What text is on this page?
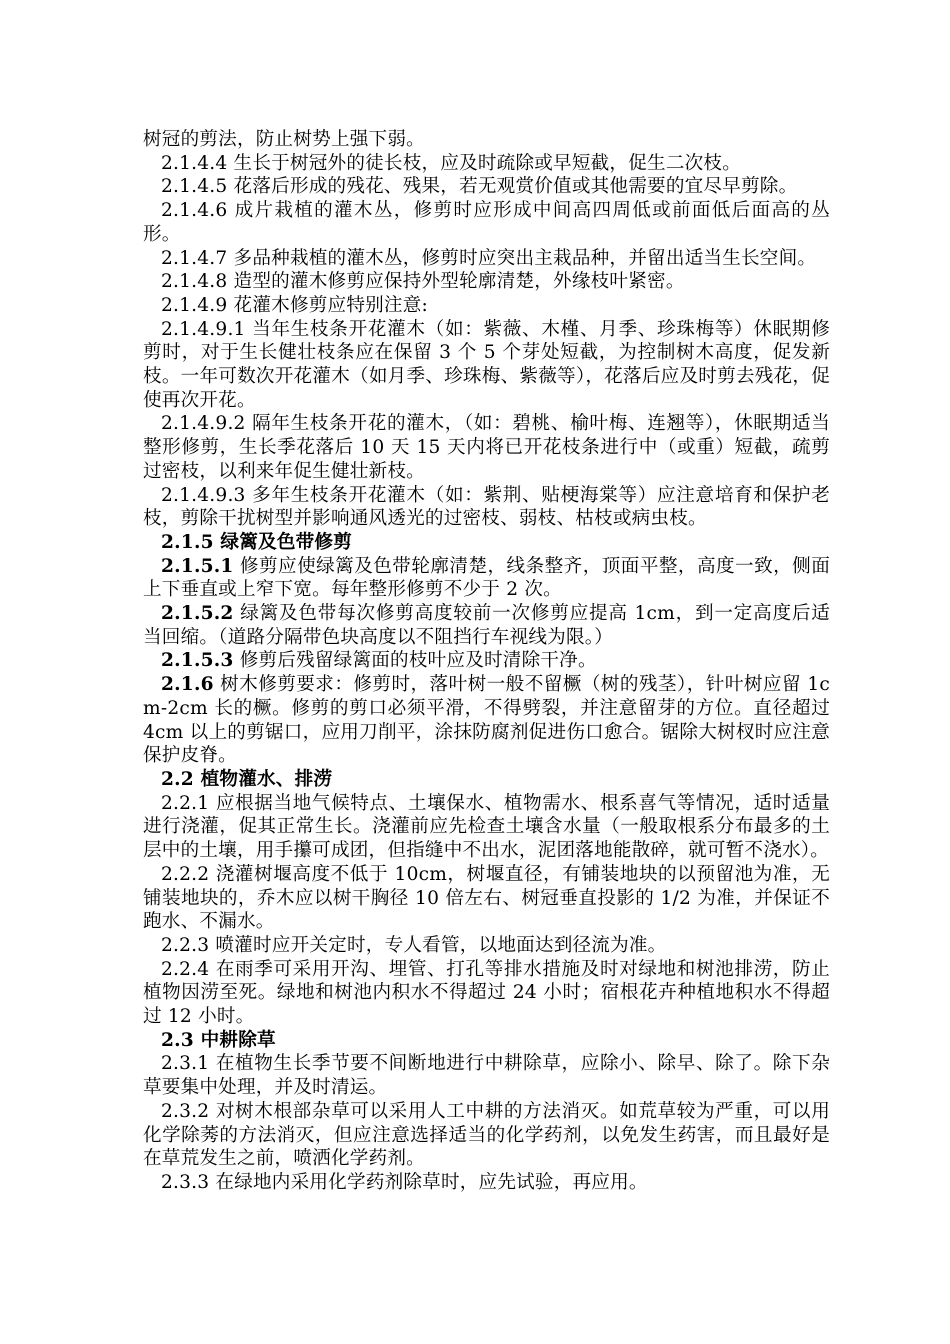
树冠的剪法，防止树势上强下弱。

2.1.4.4 生长于树冠外的徒长枝，应及时疏除或早短截，促生二次枝。

2.1.4.5 花落后形成的残花、残果，若无观赏价值或其他需要的宜尽早剪除。

2.1.4.6 成片栽植的灌木丛，修剪时应形成中间高四周低或前面低后面高的丛形。

2.1.4.7 多品种栽植的灌木丛，修剪时应突出主栽品种，并留出适当生长空间。

2.1.4.8 造型的灌木修剪应保持外型轮廓清楚，外缘枝叶紧密。

2.1.4.9 花灌木修剪应特别注意:

2.1.4.9.1 当年生枝条开花灌木（如：紫薇、木槿、月季、珍珠梅等）休眠期修剪时，对于生长健壮枝条应在保留 3 个 5 个芽处短截，为控制树木高度，促发新枝。一年可数次开花灌木（如月季、珍珠梅、紫薇等），花落后应及时剪去残花，促使再次开花。

2.1.4.9.2 隔年生枝条开花的灌木，（如：碧桃、榆叶梅、连翘等），休眠期适当整形修剪，生长季花落后 10 天 15 天内将已开花枝条进行中（或重）短截，疏剪过密枝，以利来年促生健壮新枝。

2.1.4.9.3 多年生枝条开花灌木（如：紫荆、贴梗海棠等）应注意培育和保护老枝，剪除干扰树型并影响通风透光的过密枝、弱枝、枯枝或病虫枝。

2.1.5 绿篱及色带修剪

2.1.5.1 修剪应使绿篱及色带轮廓清楚，线条整齐，顶面平整，高度一致，侧面上下垂直或上窄下宽。每年整形修剪不少于 2 次。

2.1.5.2 绿篱及色带每次修剪高度较前一次修剪应提高 1cm，到一定高度后适当回缩。（道路分隔带色块高度以不阻挡行车视线为限。）

2.1.5.3 修剪后残留绿篱面的枝叶应及时清除干净。

2.1.6 树木修剪要求：修剪时，落叶树一般不留橛（树的残茎），针叶树应留 1cm-2cm 长的橛。修剪的剪口必须平滑，不得劈裂，并注意留芽的方位。直径超过 4cm 以上的剪锯口，应用刀削平，涂抹防腐剂促进伤口愈合。锯除大树杈时应注意保护皮脊。

2.2 植物灌水、排涝

2.2.1 应根据当地气候特点、土壤保水、植物需水、根系喜气等情况，适时适量进行浇灌，促其正常生长。浇灌前应先检查土壤含水量（一般取根系分布最多的土层中的土壤，用手攥可成团，但指缝中不出水，泥团落地能散碎，就可暂不浇水）。

2.2.2 浇灌树堰高度不低于 10cm，树堰直径，有铺装地块的以预留池为准，无铺装地块的，乔木应以树干胸径 10 倍左右、树冠垂直投影的 1/2 为准，并保证不跑水、不漏水。

2.2.3 喷灌时应开关定时，专人看管，以地面达到径流为准。

2.2.4 在雨季可采用开沟、埋管、打孔等排水措施及时对绿地和树池排涝，防止植物因涝至死。绿地和树池内积水不得超过 24 小时；宿根花卉种植地积水不得超过 12 小时。

2.3 中耕除草

2.3.1 在植物生长季节要不间断地进行中耕除草，应除小、除早、除了。除下杂草要集中处理，并及时清运。

2.3.2 对树木根部杂草可以采用人工中耕的方法消灭。如荒草较为严重，可以用化学除莠的方法消灭，但应注意选择适当的化学药剂，以免发生药害，而且最好是在草荒发生之前，喷洒化学药剂。

2.3.3 在绿地内采用化学药剂除草时，应先试验，再应用。
